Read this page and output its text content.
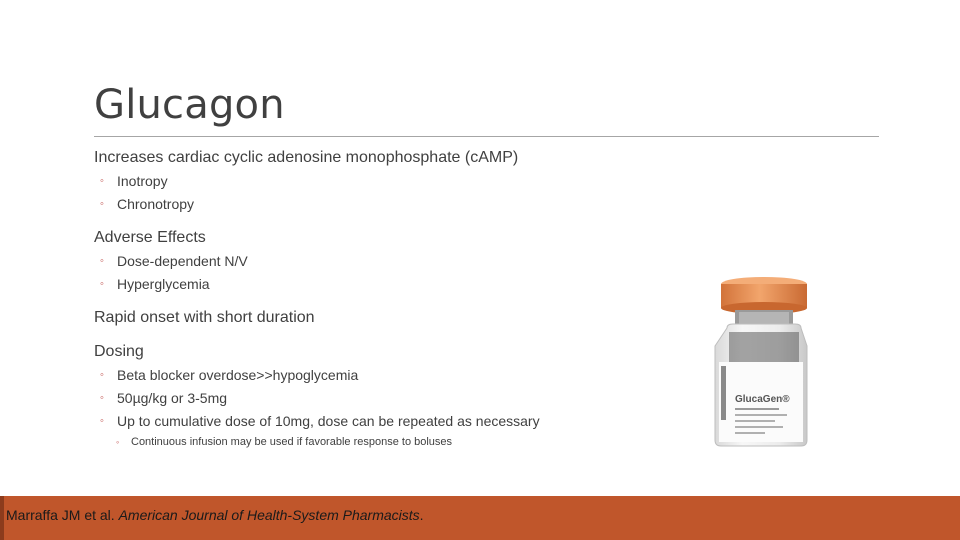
Glucagon

Increases cardiac cyclic adenosine monophosphate (cAMP)

◦ Inotropy

◦ Chronotropy

Adverse Effects

◦ Dose-dependent N/V

◦ Hyperglycemia

Rapid onset with short duration

Dosing

◦ Beta blocker overdose>>hypoglycemia

◦ 50µg/kg or 3-5mg

◦ Up to cumulative dose of 10mg, dose can be repeated as necessary

◦ Continuous infusion may be used if favorable response to boluses

GlucaGen®
Marraffa JM et al. American Journal of Health-System Pharmacists.
